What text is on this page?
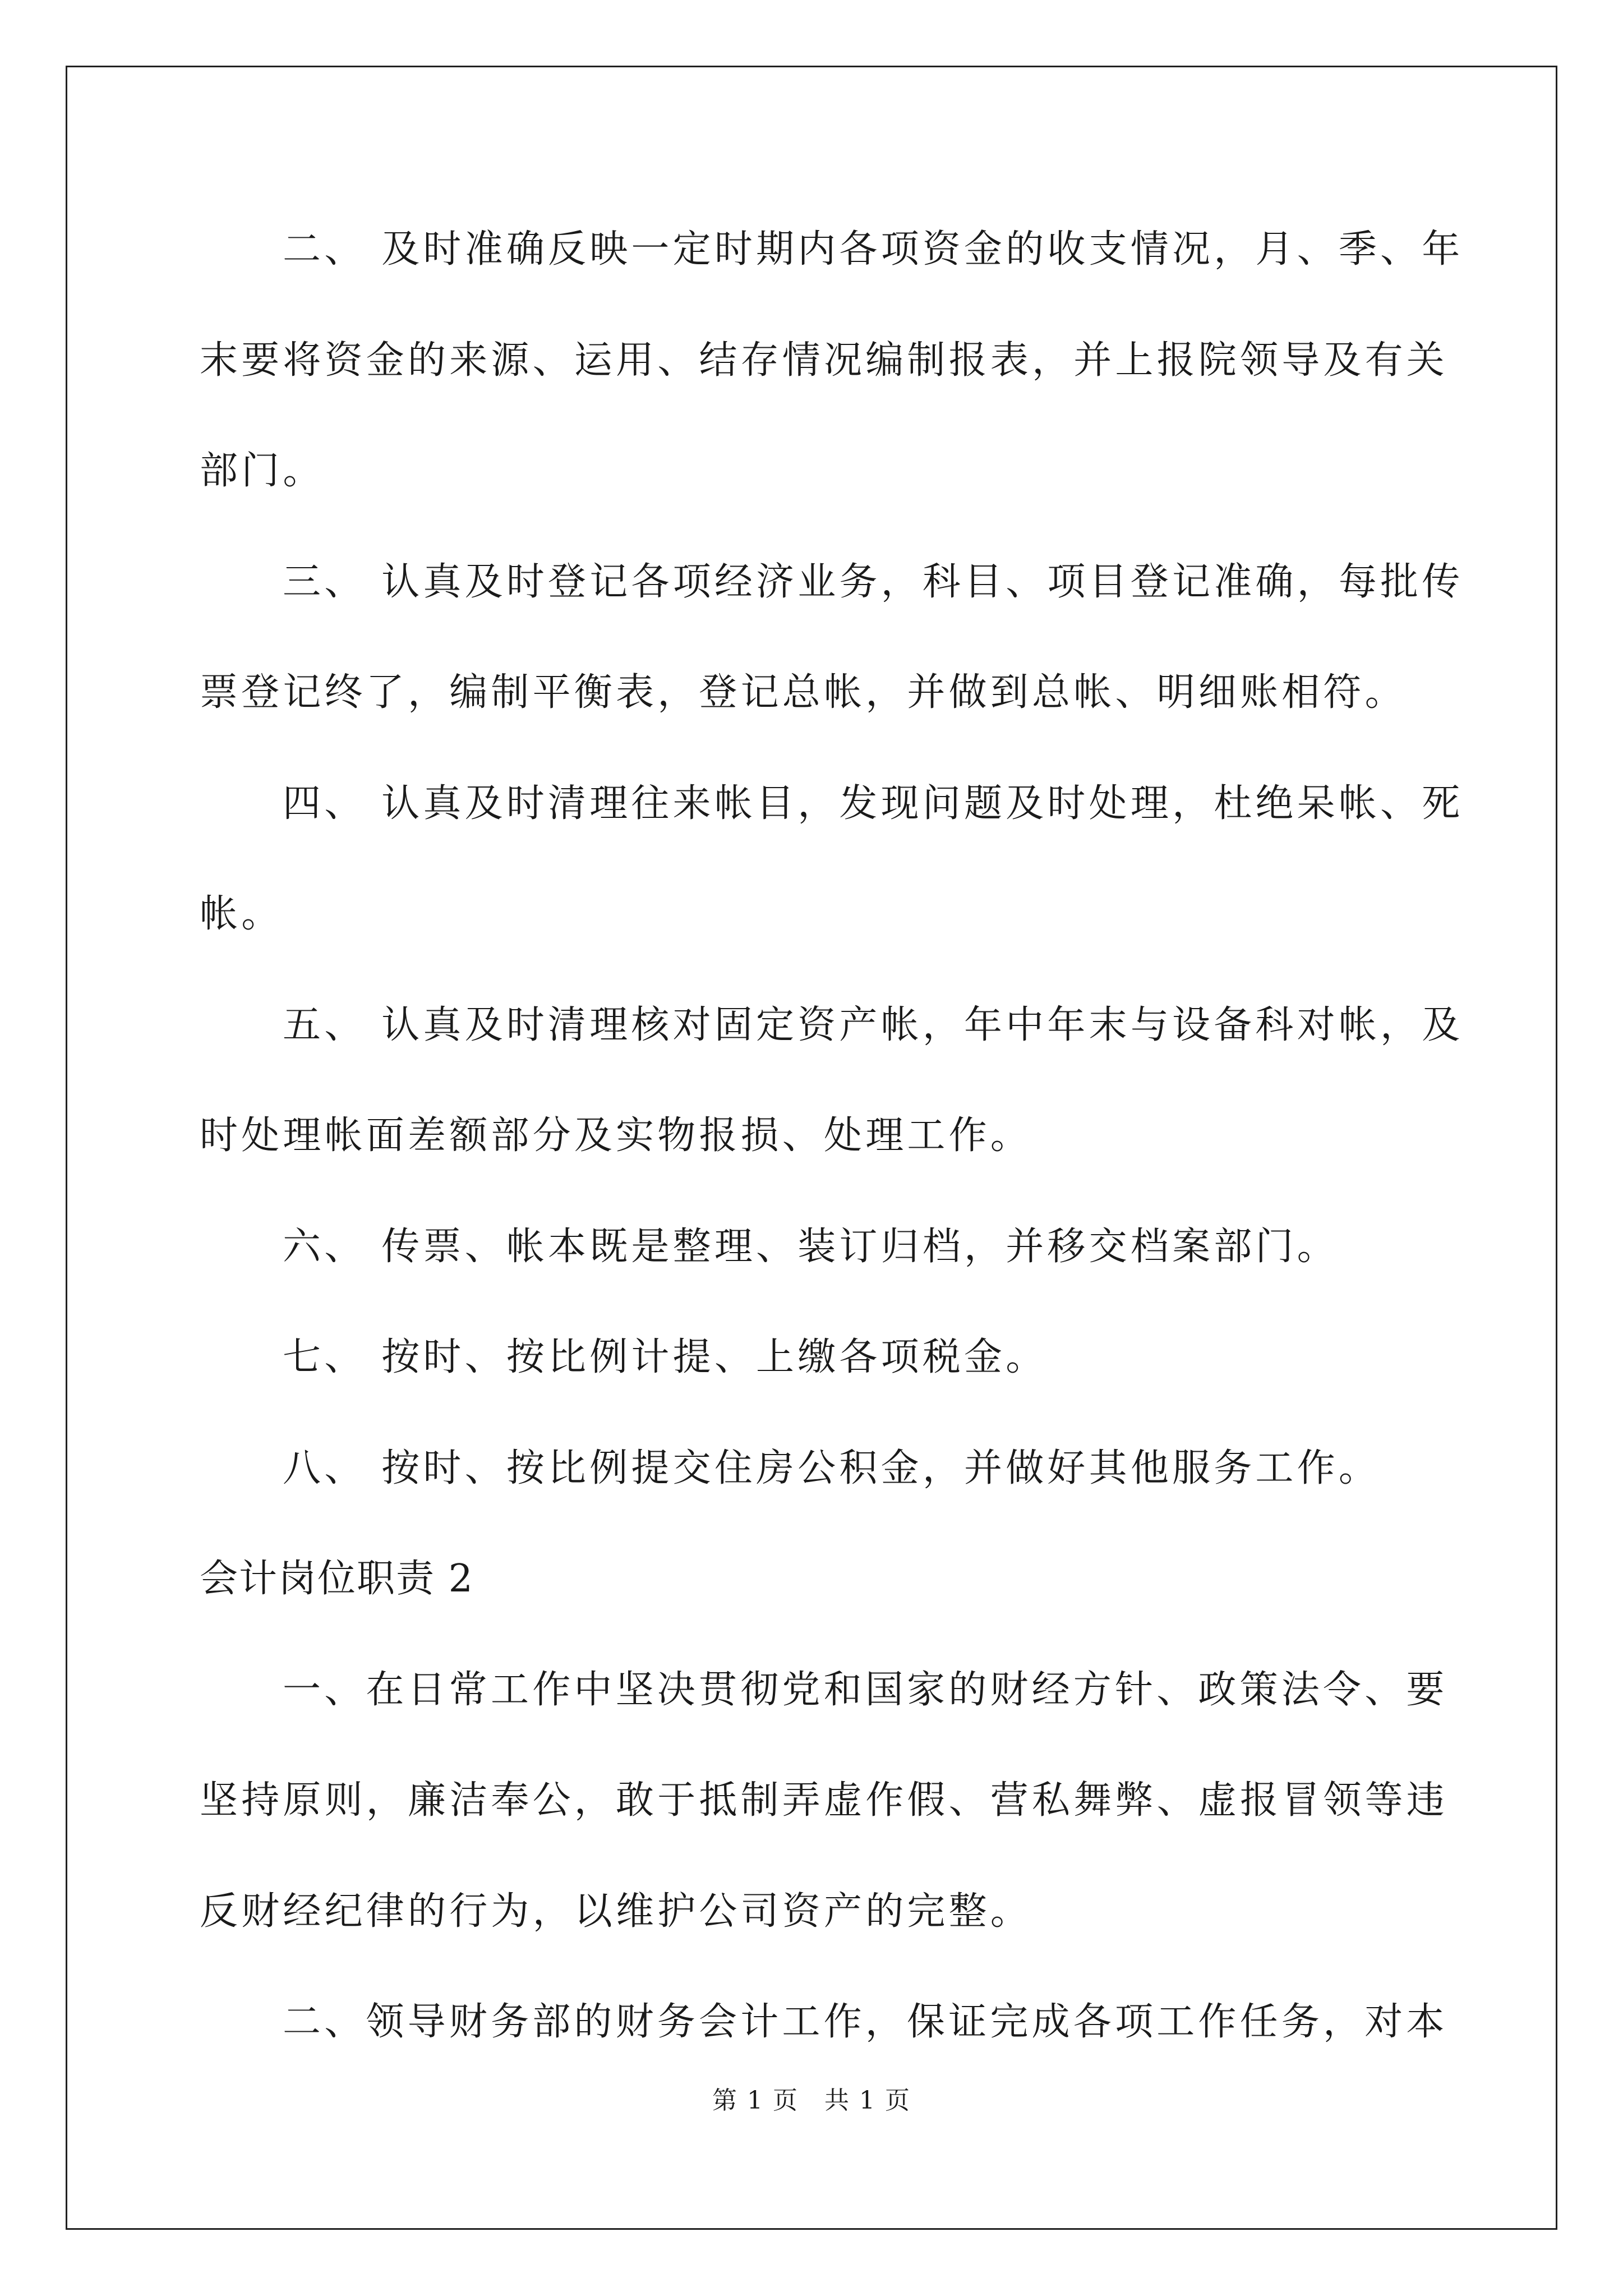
二、 及时准确反映一定时期内各项资金的收支情况，月、季、年
末要将资金的来源、运用、结存情况编制报表，并上报院领导及有关
部门。
三、 认真及时登记各项经济业务，科目、项目登记准确，每批传
票登记终了，编制平衡表，登记总帐，并做到总帐、明细账相符。
四、 认真及时清理往来帐目，发现问题及时处理，杜绝呆帐、死
帐。
五、 认真及时清理核对固定资产帐，年中年末与设备科对帐，及
时处理帐面差额部分及实物报损、处理工作。
六、 传票、帐本既是整理、装订归档，并移交档案部门。
七、 按时、按比例计提、上缴各项税金。
八、 按时、按比例提交住房公积金，并做好其他服务工作。
会计岗位职责 2
一、在日常工作中坚决贯彻党和国家的财经方针、政策法令、要
坚持原则，廉洁奉公，敢于抵制弄虚作假、营私舞弊、虚报冒领等违
反财经纪律的行为，以维护公司资产的完整。
二、领导财务部的财务会计工作，保证完成各项工作任务，对本
第 1 页　共 1 页
